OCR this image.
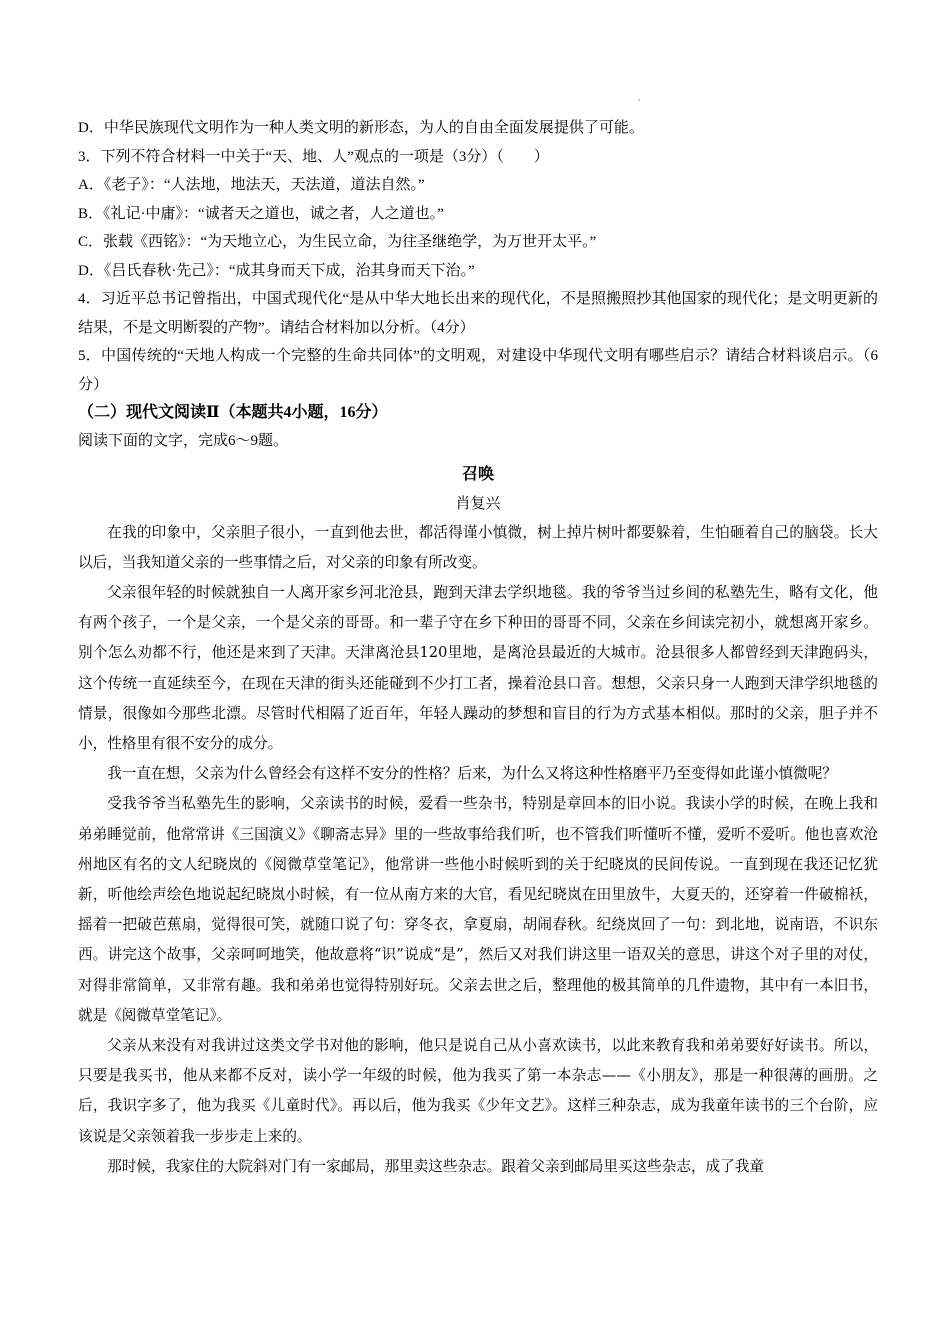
D．中华民族现代文明作为一种人类文明的新形态，为人的自由全面发展提供了可能。
3．下列不符合材料一中关于“天、地、人”观点的一项是（3分）（　　）
A．《老子》：“人法地，地法天，天法道，道法自然。”
B．《礼记·中庸》：“诚者天之道也，诚之者，人之道也。”
C．张载《西铭》：“为天地立心，为生民立命，为往圣继绝学，为万世开太平。”
D．《吕氏春秋·先己》：“成其身而天下成，治其身而天下治。”
4．习近平总书记曾指出，中国式现代化“是从中华大地长出来的现代化，不是照搬照抄其他国家的现代化；是文明更新的结果，不是文明断裂的产物”。请结合材料加以分析。（4分）
5．中国传统的“天地人构成一个完整的生命共同体”的文明观，对建设中华现代文明有哪些启示？请结合材料谈启示。（6分）
（二）现代文阅读Ⅱ（本题共4小题，16分）
阅读下面的文字，完成6～9题。
召唤
肖复兴

在我的印象中，父亲胆子很小，一直到他去世，都活得谨小慎微，树上掉片树叶都要躲着，生怕砸着自己的脑袋。长大以后，当我知道父亲的一些事情之后，对父亲的印象有所改变。

父亲很年轻的时候就独自一人离开家乡河北沧县，跑到天津去学织地毯。我的爷爷当过乡间的私塾先生，略有文化，他有两个孩子，一个是父亲，一个是父亲的哥哥。和一辈子守在乡下种田的哥哥不同，父亲在乡间读完初小，就想离开家乡。别个怎么劝都不行，他还是来到了天津。天津离沧县120里地，是离沧县最近的大城市。沧县很多人都曾经到天津跑码头，这个传统一直延续至今，在现在天津的街头还能碰到不少打工者，操着沧县口音。想想，父亲只身一人跑到天津学织地毯的情景，很像如今那些北漂。尽管时代相隔了近百年，年轻人躁动的梦想和盲目的行为方式基本相似。那时的父亲，胆子并不小，性格里有很不安分的成分。

我一直在想，父亲为什么曾经会有这样不安分的性格？后来，为什么又将这种性格磨平乃至变得如此谨小慎微呢？

受我爷爷当私塾先生的影响，父亲读书的时候，爱看一些杂书，特别是章回本的旧小说。我读小学的时候，在晚上我和弟弟睡觉前，他常常讲《三国演义》《聊斋志异》里的一些故事给我们听，也不管我们听懂听不懂，爱听不爱听。他也喜欢沧州地区有名的文人纪晓岚的《阅微草堂笔记》，他常讲一些他小时候听到的关于纪晓岚的民间传说。一直到现在我还记忆犹新，听他绘声绘色地说起纪晓岚小时候，有一位从南方来的大官，看见纪晓岚在田里放牛，大夏天的，还穿着一件破棉袄，摇着一把破芭蕉扇，觉得很可笑，就随口说了句：穿冬衣，拿夏扇，胡闹春秋。纪绕岚回了一句：到北地，说南语，不识东西。讲完这个故事，父亲呵呵地笑，他故意将“识”说成“是”，然后又对我们讲这里一语双关的意思，讲这个对子里的对仗，对得非常简单，又非常有趣。我和弟弟也觉得特别好玩。父亲去世之后，整理他的极其简单的几件遗物，其中有一本旧书，就是《阅微草堂笔记》。

父亲从来没有对我讲过这类文学书对他的影响，他只是说自己从小喜欢读书，以此来教育我和弟弟要好好读书。所以，只要是我买书，他从来都不反对，读小学一年级的时候，他为我买了第一本杂志——《小朋友》，那是一种很薄的画册。之后，我识字多了，他为我买《儿童时代》。再以后，他为我买《少年文艺》。这样三种杂志，成为我童年读书的三个台阶，应该说是父亲领着我一步步走上来的。

那时候，我家住的大院斜对门有一家邮局，那里卖这些杂志。跟着父亲到邮局里买这些杂志，成了我童
